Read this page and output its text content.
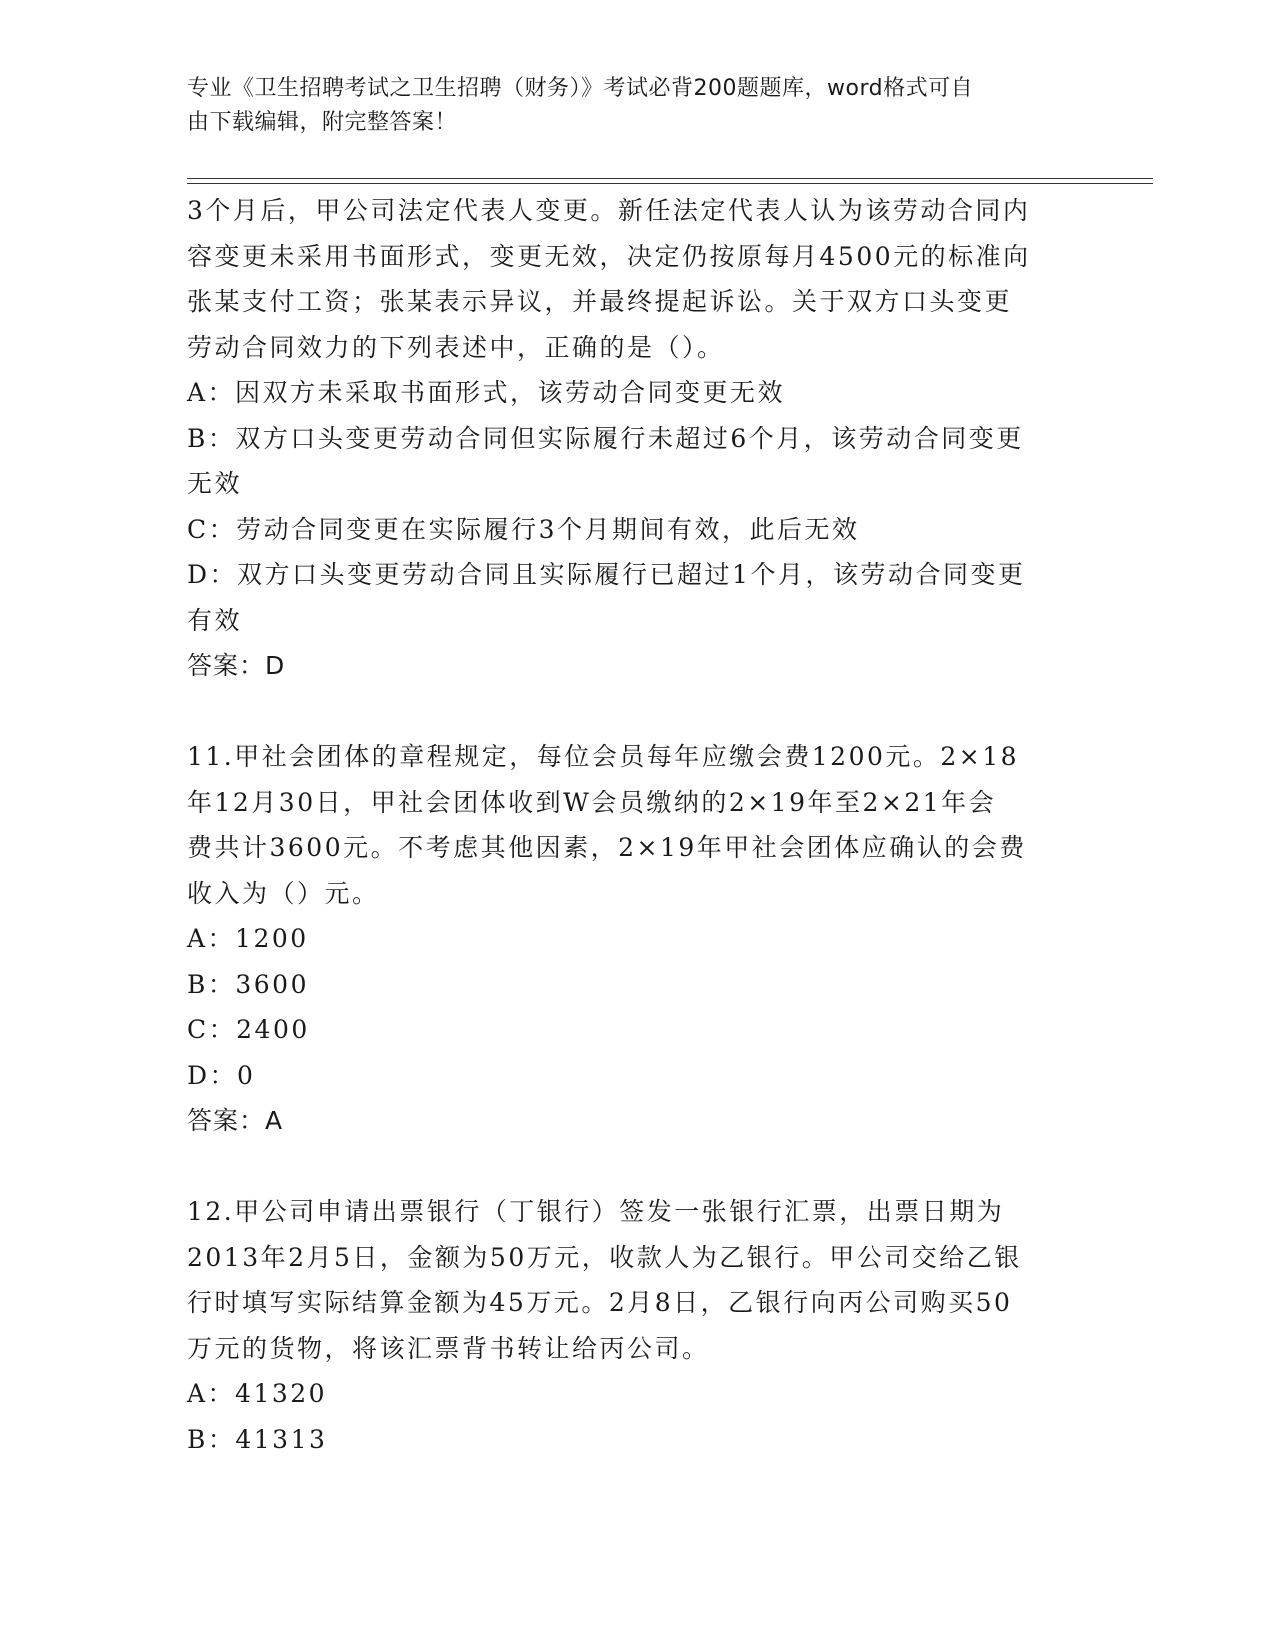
专业《卫生招聘考试之卫生招聘（财务）》考试必背200题题库，word格式可自
由下载编辑，附完整答案！

3个月后，甲公司法定代表人变更。新任法定代表人认为该劳动合同内

容变更未采用书面形式，变更无效，决定仍按原每月4500元的标准向

张某支付工资；张某表示异议，并最终提起诉讼。关于双方口头变更

劳动合同效力的下列表述中，正确的是（）。

A：因双方未采取书面形式，该劳动合同变更无效

B：双方口头变更劳动合同但实际履行未超过6个月，该劳动合同变更

无效

C：劳动合同变更在实际履行3个月期间有效，此后无效

D：双方口头变更劳动合同且实际履行已超过1个月，该劳动合同变更

有效

答案：D

11.甲社会团体的章程规定，每位会员每年应缴会费1200元。2×18

年12月30日，甲社会团体收到W会员缴纳的2×19年至2×21年会

费共计3600元。不考虑其他因素，2×19年甲社会团体应确认的会费

收入为（）元。

A：1200

B：3600

C：2400

D：0

答案：A

12.甲公司申请出票银行（丁银行）签发一张银行汇票，出票日期为

2013年2月5日，金额为50万元，收款人为乙银行。甲公司交给乙银

行时填写实际结算金额为45万元。2月8日，乙银行向丙公司购买50

万元的货物，将该汇票背书转让给丙公司。

A：41320

B：41313
